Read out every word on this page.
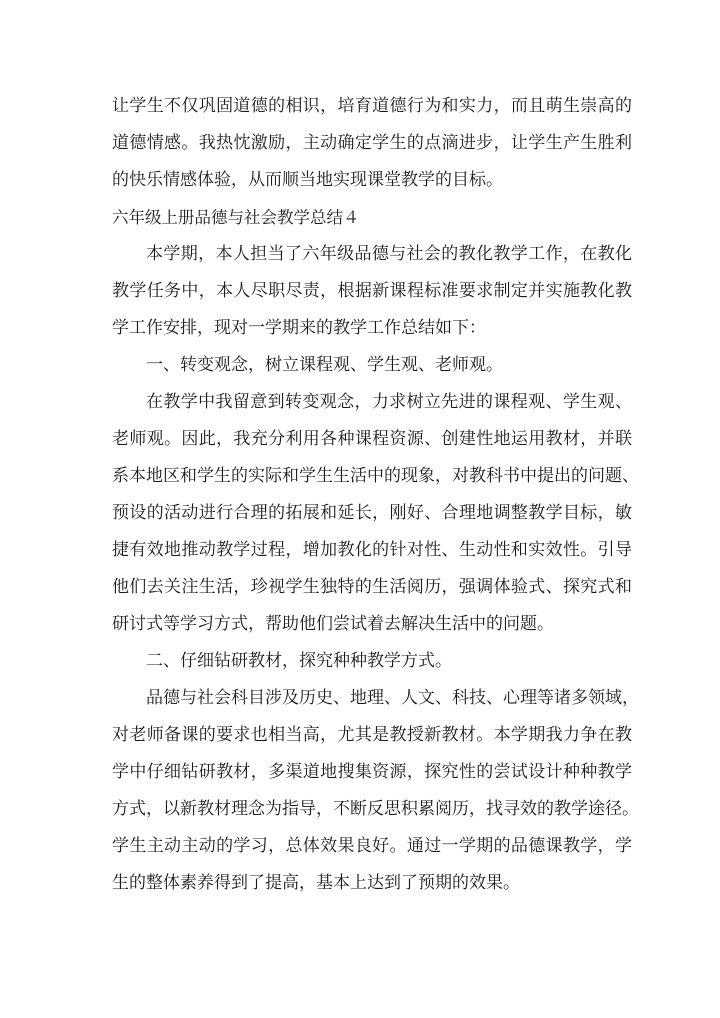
让学生不仅巩固道德的相识，培育道德行为和实力，而且萌生崇高的
道德情感。我热忱激励，主动确定学生的点滴进步，让学生产生胜利
的快乐情感体验，从而顺当地实现课堂教学的目标。
六年级上册品德与社会教学总结４
本学期，本人担当了六年级品德与社会的教化教学工作，在教化
教学任务中，本人尽职尽责，根据新课程标准要求制定并实施教化教
学工作安排，现对一学期来的教学工作总结如下：
一、转变观念，树立课程观、学生观、老师观。
在教学中我留意到转变观念，力求树立先进的课程观、学生观、
老师观。因此，我充分利用各种课程资源、创建性地运用教材，并联
系本地区和学生的实际和学生生活中的现象，对教科书中提出的问题、
预设的活动进行合理的拓展和延长，刚好、合理地调整教学目标，敏
捷有效地推动教学过程，增加教化的针对性、生动性和实效性。引导
他们去关注生活，珍视学生独特的生活阅历，强调体验式、探究式和
研讨式等学习方式，帮助他们尝试着去解决生活中的问题。
二、仔细钻研教材，探究种种教学方式。
品德与社会科目涉及历史、地理、人文、科技、心理等诸多领域，
对老师备课的要求也相当高，尤其是教授新教材。本学期我力争在教
学中仔细钻研教材，多渠道地搜集资源，探究性的尝试设计种种教学
方式，以新教材理念为指导，不断反思积累阅历，找寻效的教学途径。
学生主动主动的学习，总体效果良好。通过一学期的品德课教学，学
生的整体素养得到了提高，基本上达到了预期的效果。
